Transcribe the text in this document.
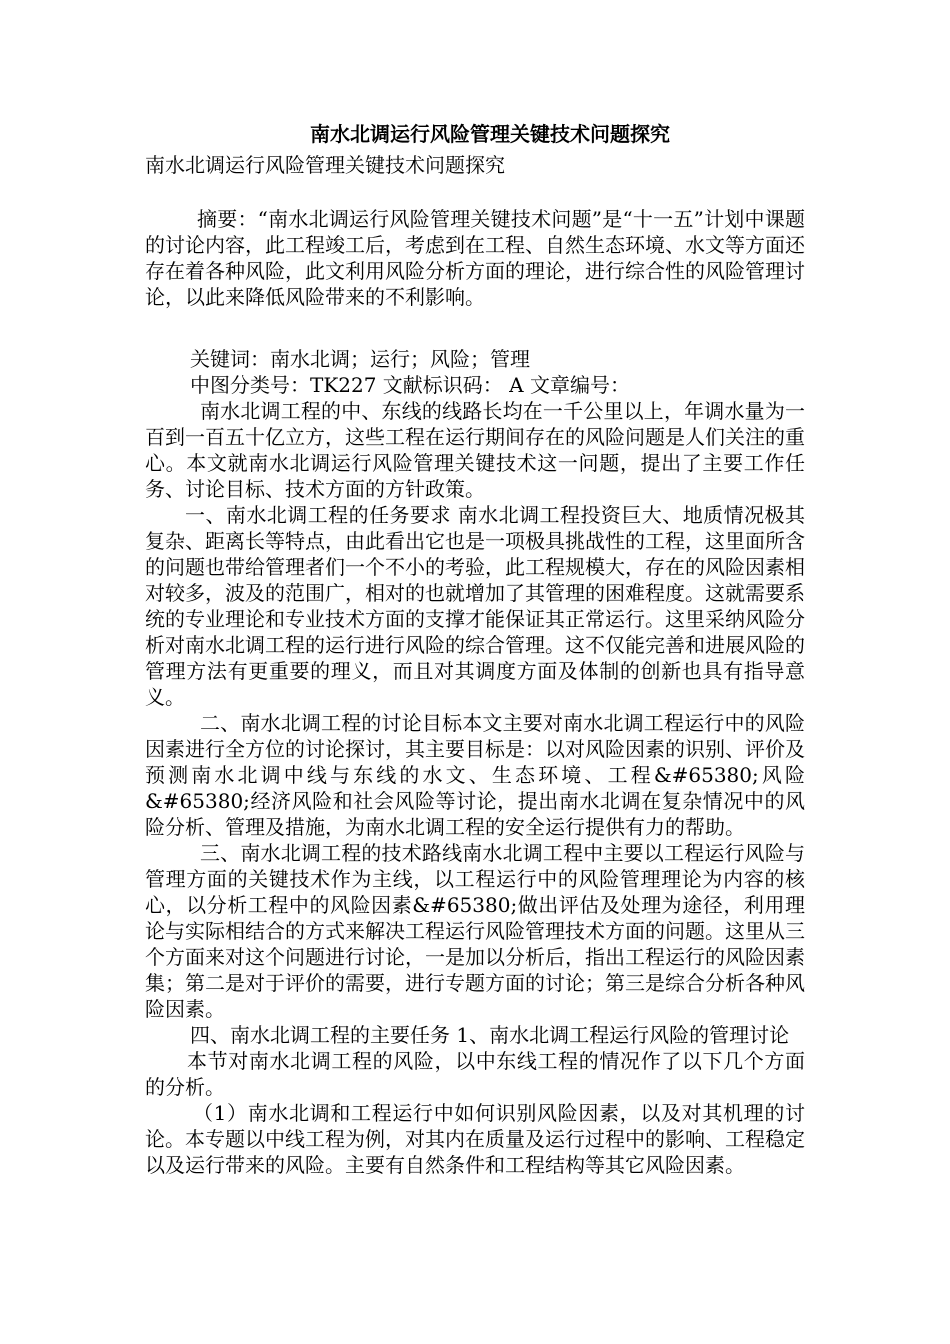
南水北调运行风险管理关键技术问题探究
南水北调运行风险管理关键技术问题探究

摘要：“南水北调运行风险管理关键技术问题”是“十一五”计划中课题的讨论内容，此工程竣工后，考虑到在工程、自然生态环境、水文等方面还存在着各种风险，此文利用风险分析方面的理论，进行综合性的风险管理讨论，以此来降低风险带来的不利影响。

关键词：南水北调；运行；风险；管理

中图分类号：TK227 文献标识码： A 文章编号：

南水北调工程的中、东线的线路长均在一千公里以上，年调水量为一百到一百五十亿立方，这些工程在运行期间存在的风险问题是人们关注的重心。本文就南水北调运行风险管理关键技术这一问题，提出了主要工作任务、讨论目标、技术方面的方针政策。

一、南水北调工程的任务要求 南水北调工程投资巨大、地质情况极其复杂、距离长等特点，由此看出它也是一项极具挑战性的工程，这里面所含的问题也带给管理者们一个不小的考验，此工程规模大，存在的风险因素相对较多，波及的范围广，相对的也就增加了其管理的困难程度。这就需要系统的专业理论和专业技术方面的支撑才能保证其正常运行。这里采纳风险分析对南水北调工程的运行进行风险的综合管理。这不仅能完善和进展风险的管理方法有更重要的理义，而且对其调度方面及体制的创新也具有指导意义。

二、南水北调工程的讨论目标本文主要对南水北调工程运行中的风险因素进行全方位的讨论探讨，其主要目标是：以对风险因素的识别、评价及预测南水北调中线与东线的水文、生态环境、工程&#65380;风险&#65380;经济风险和社会风险等讨论，提出南水北调在复杂情况中的风险分析、管理及措施，为南水北调工程的安全运行提供有力的帮助。

三、南水北调工程的技术路线南水北调工程中主要以工程运行风险与管理方面的关键技术作为主线，以工程运行中的风险管理理论为内容的核心，以分析工程中的风险因素&#65380;做出评估及处理为途径，利用理论与实际相结合的方式来解决工程运行风险管理技术方面的问题。这里从三个方面来对这个问题进行讨论，一是加以分析后，指出工程运行的风险因素集；第二是对于评价的需要，进行专题方面的讨论；第三是综合分析各种风险因素。

四、南水北调工程的主要任务 1、南水北调工程运行风险的管理讨论

本节对南水北调工程的风险，以中东线工程的情况作了以下几个方面的分析。

（1）南水北调和工程运行中如何识别风险因素，以及对其机理的讨论。本专题以中线工程为例，对其内在质量及运行过程中的影响、工程稳定以及运行带来的风险。主要有自然条件和工程结构等其它风险因素。
